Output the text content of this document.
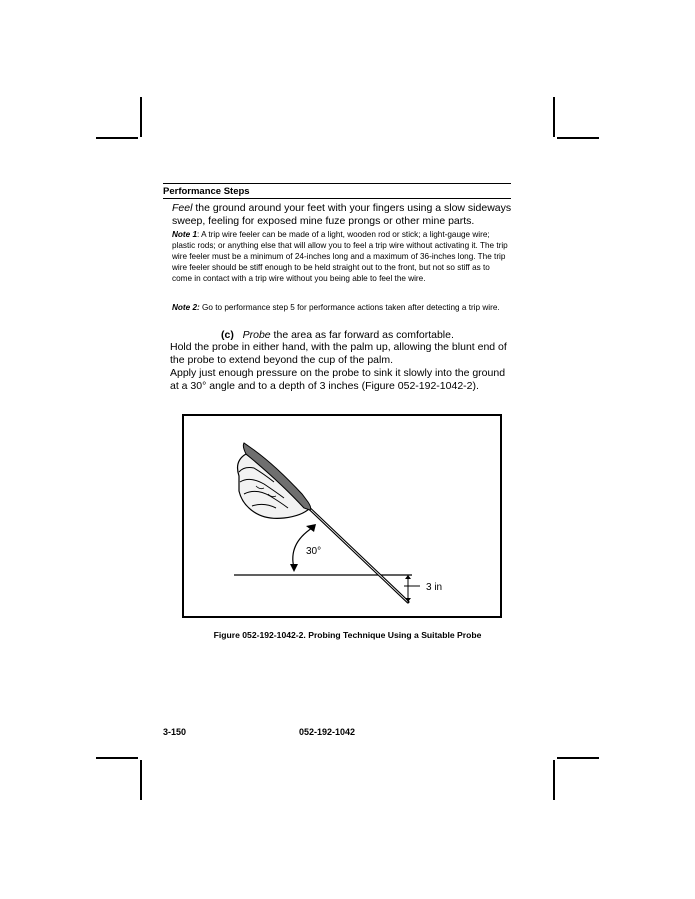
Performance Steps
Feel the ground around your feet with your fingers using a slow sideways sweep, feeling for exposed mine fuze prongs or other mine parts.
Note 1: A trip wire feeler can be made of a light, wooden rod or stick; a light-gauge wire; plastic rods; or anything else that will allow you to feel a trip wire without activating it. The trip wire feeler must be a minimum of 24-inches long and a maximum of 36-inches long. The trip wire feeler should be stiff enough to be held straight out to the front, but not so stiff as to come in contact with a trip wire without you being able to feel the wire.
Note 2: Go to performance step 5 for performance actions taken after detecting a trip wire.
(c) Probe the area as far forward as comfortable.
Hold the probe in either hand, with the palm up, allowing the blunt end of the probe to extend beyond the cup of the palm.
Apply just enough pressure on the probe to sink it slowly into the ground at a 30° angle and to a depth of 3 inches (Figure 052-192-1042-2).
30°
3 in
Figure 052-192-1042-2. Probing Technique Using a Suitable Probe
3-150	052-192-1042
